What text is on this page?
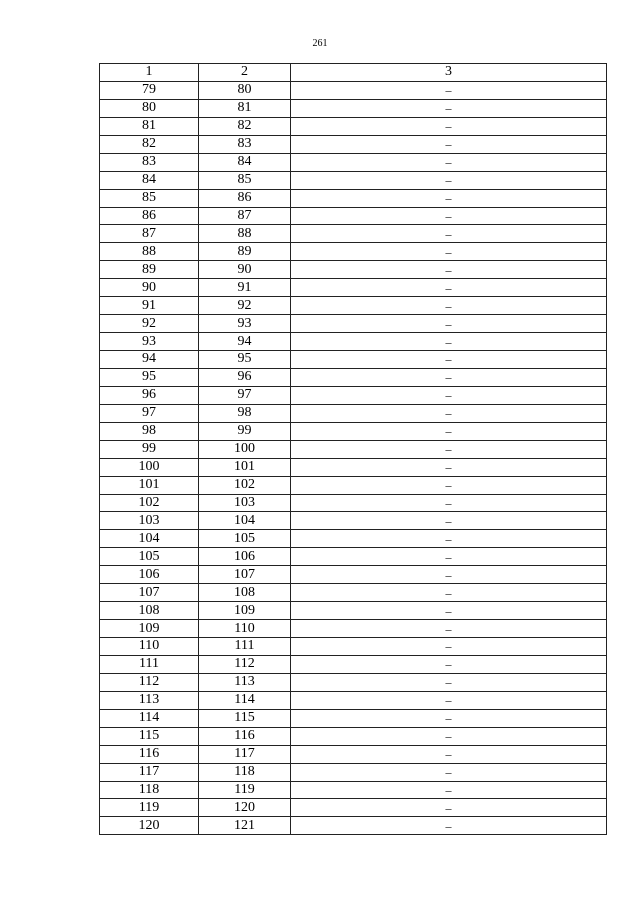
261
1	2	3
79	80	–
80	81	–
81	82	–
82	83	–
83	84	–
84	85	–
85	86	–
86	87	–
87	88	–
88	89	–
89	90	–
90	91	–
91	92	–
92	93	–
93	94	–
94	95	–
95	96	–
96	97	–
97	98	–
98	99	–
99	100	–
100	101	–
101	102	–
102	103	–
103	104	–
104	105	–
105	106	–
106	107	–
107	108	–
108	109	–
109	110	–
110	111	–
111	112	–
112	113	–
113	114	–
114	115	–
115	116	–
116	117	–
117	118	–
118	119	–
119	120	–
120	121	–
